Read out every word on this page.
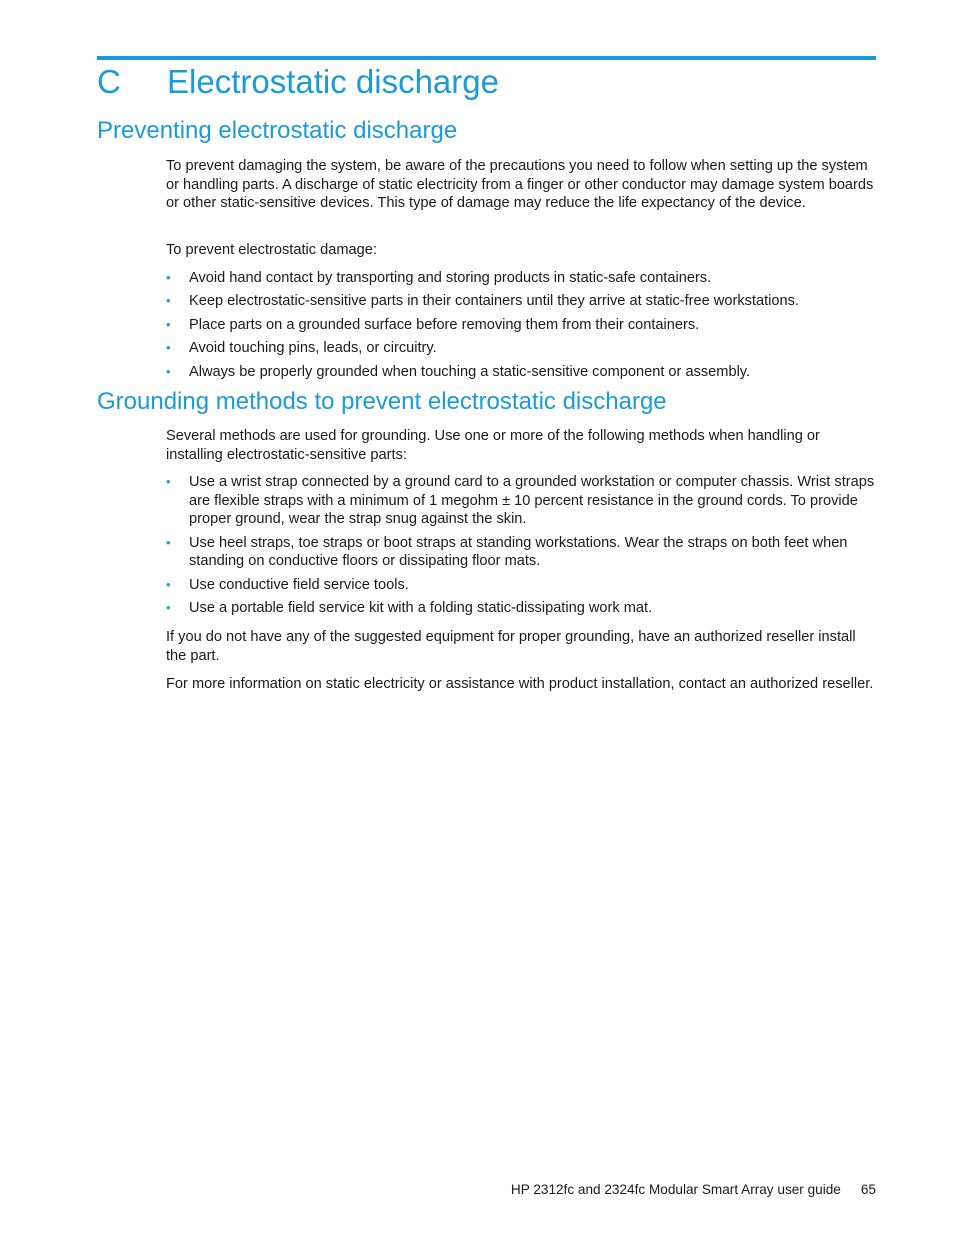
C Electrostatic discharge
Preventing electrostatic discharge

To prevent damaging the system, be aware of the precautions you need to follow when setting up the system or handling parts. A discharge of static electricity from a finger or other conductor may damage system boards or other static-sensitive devices. This type of damage may reduce the life expectancy of the device.

To prevent electrostatic damage:

• Avoid hand contact by transporting and storing products in static-safe containers.
• Keep electrostatic-sensitive parts in their containers until they arrive at static-free workstations.
• Place parts on a grounded surface before removing them from their containers.
• Avoid touching pins, leads, or circuitry.
• Always be properly grounded when touching a static-sensitive component or assembly.
Grounding methods to prevent electrostatic discharge

Several methods are used for grounding. Use one or more of the following methods when handling or installing electrostatic-sensitive parts:

• Use a wrist strap connected by a ground card to a grounded workstation or computer chassis. Wrist straps are flexible straps with a minimum of 1 megohm ± 10 percent resistance in the ground cords. To provide proper ground, wear the strap snug against the skin.
• Use heel straps, toe straps or boot straps at standing workstations. Wear the straps on both feet when standing on conductive floors or dissipating floor mats.
• Use conductive field service tools.
• Use a portable field service kit with a folding static-dissipating work mat.

If you do not have any of the suggested equipment for proper grounding, have an authorized reseller install the part.

For more information on static electricity or assistance with product installation, contact an authorized reseller.

HP 2312fc and 2324fc Modular Smart Array user guide 65
